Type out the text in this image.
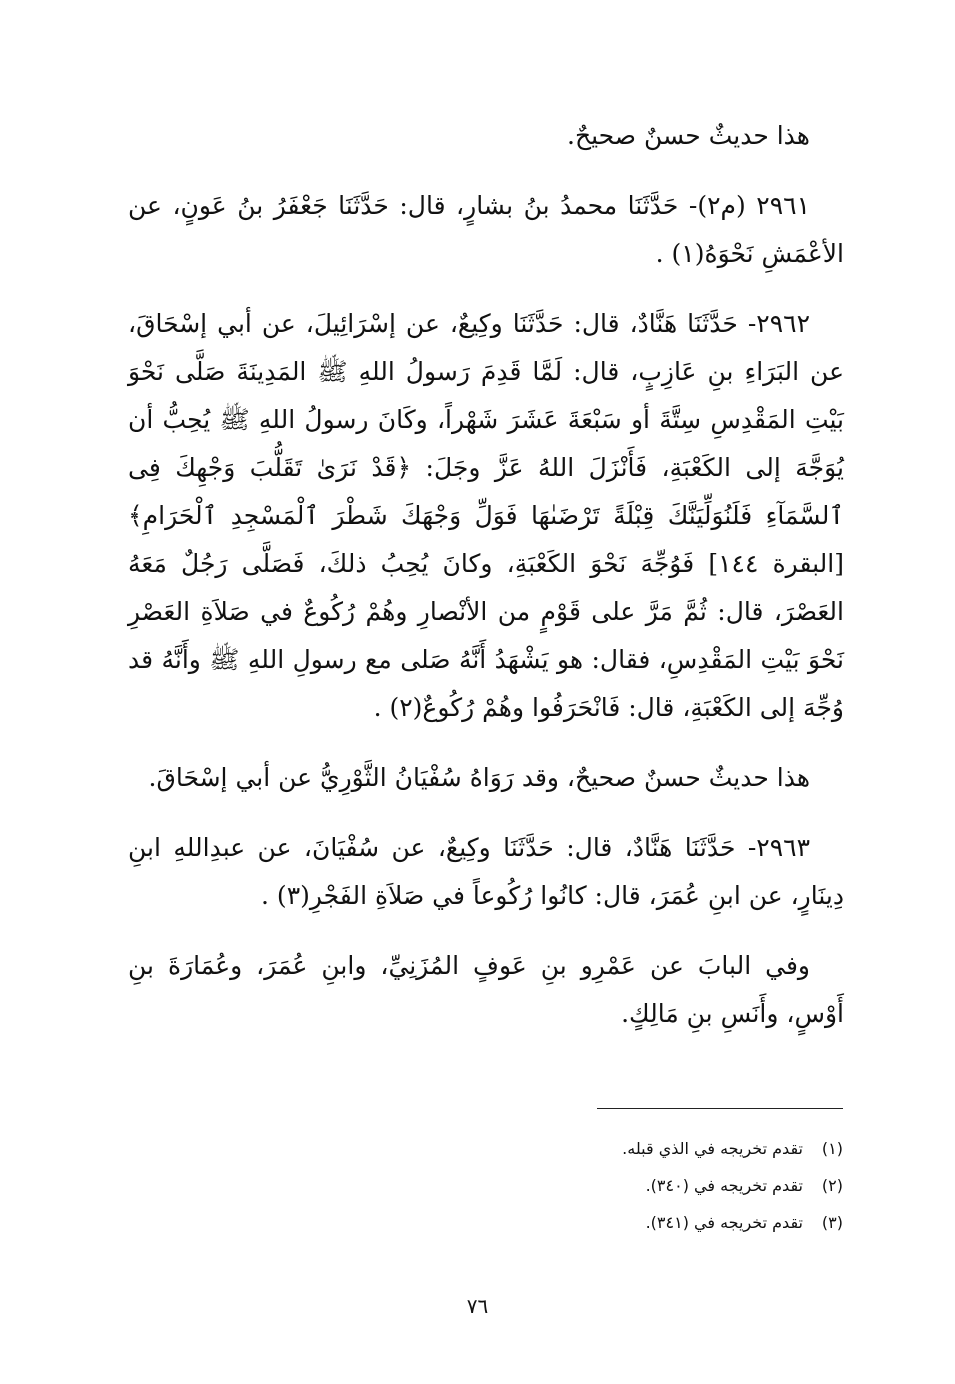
هذا حديثٌ حسنٌ صحيحٌ.

٢٩٦١ (م٢)- حَدَّثَنَا محمدُ بنُ بشارٍ، قال: حَدَّثَنَا جَعْفَرُ بنُ عَونٍ، عن الأعْمَشِ نَحْوَهُ(١) .

٢٩٦٢- حَدَّثَنَا هَنَّادٌ، قال: حَدَّثَنَا وكِيعٌ، عن إسْرَائِيلَ، عن أبي إسْحَاقَ، عن البَرَاءِ بنِ عَازِبٍ، قال: لَمَّا قَدِمَ رَسولُ اللهِ ﷺ المَدِينَةَ صَلَّى نَحْوَ بَيْتِ المَقْدِسِ سِتَّةَ أو سَبْعَةَ عَشَرَ شَهْراً، وكَانَ رسولُ اللهِ ﷺ يُحِبُّ أن يُوَجَّهَ إلى الكَعْبَةِ، فَأَنْزَلَ اللهُ عَزَّ وجَلَ: ﴿قَدْ نَرَىٰ تَقَلُّبَ وَجْهِكَ فِى ٱلسَّمَآءِ فَلَنُوَلِّيَنَّكَ قِبْلَةً تَرْضَىٰهَا فَوَلِّ وَجْهَكَ شَطْرَ ٱلْمَسْجِدِ ٱلْحَرَامِ﴾ [البقرة ١٤٤] فَوُجِّهَ نَحْوَ الكَعْبَةِ، وكانَ يُحِبُ ذلكَ، فَصَلَّى رَجُلٌ مَعَهُ العَصْرَ، قال: ثُمَّ مَرَّ على قَوْمٍ من الأنْصارِ وهُمْ رُكُوعٌ في صَلاَةِ العَصْرِ نَحْوَ بَيْتِ المَقْدِسِ، فقال: هو يَشْهَدُ أَنَّهُ صَلى مع رسولِ اللهِ ﷺ وأَنَّهُ قد وُجِّهَ إلى الكَعْبَةِ، قال: فَانْحَرَفُوا وهُمْ رُكُوعٌ(٢) .

هذا حديثٌ حسنٌ صحيحٌ، وقد رَوَاهُ سُفْيَانُ الثَّوْرِيُّ عن أبي إسْحَاقَ.

٢٩٦٣- حَدَّثَنَا هَنَّادٌ، قال: حَدَّثَنَا وكِيعٌ، عن سُفْيَانَ، عن عبدِاللهِ ابنِ دِينَارٍ، عن ابنِ عُمَرَ، قال: كانُوا رُكُوعاً في صَلاَةِ الفَجْرِ(٣) .

وفي البابَ عن عَمْرِو بنِ عَوفٍ المُزَنِيِّ، وابنِ عُمَرَ، وعُمَارَةَ بنِ أَوْسٍ، وأَنَسِ بنِ مَالِكٍ.

(١)
تقدم تخريجه في الذي قبله.
(٢)
تقدم تخريجه في (٣٤٠).
(٣)
تقدم تخريجه في (٣٤١).
٧٦
